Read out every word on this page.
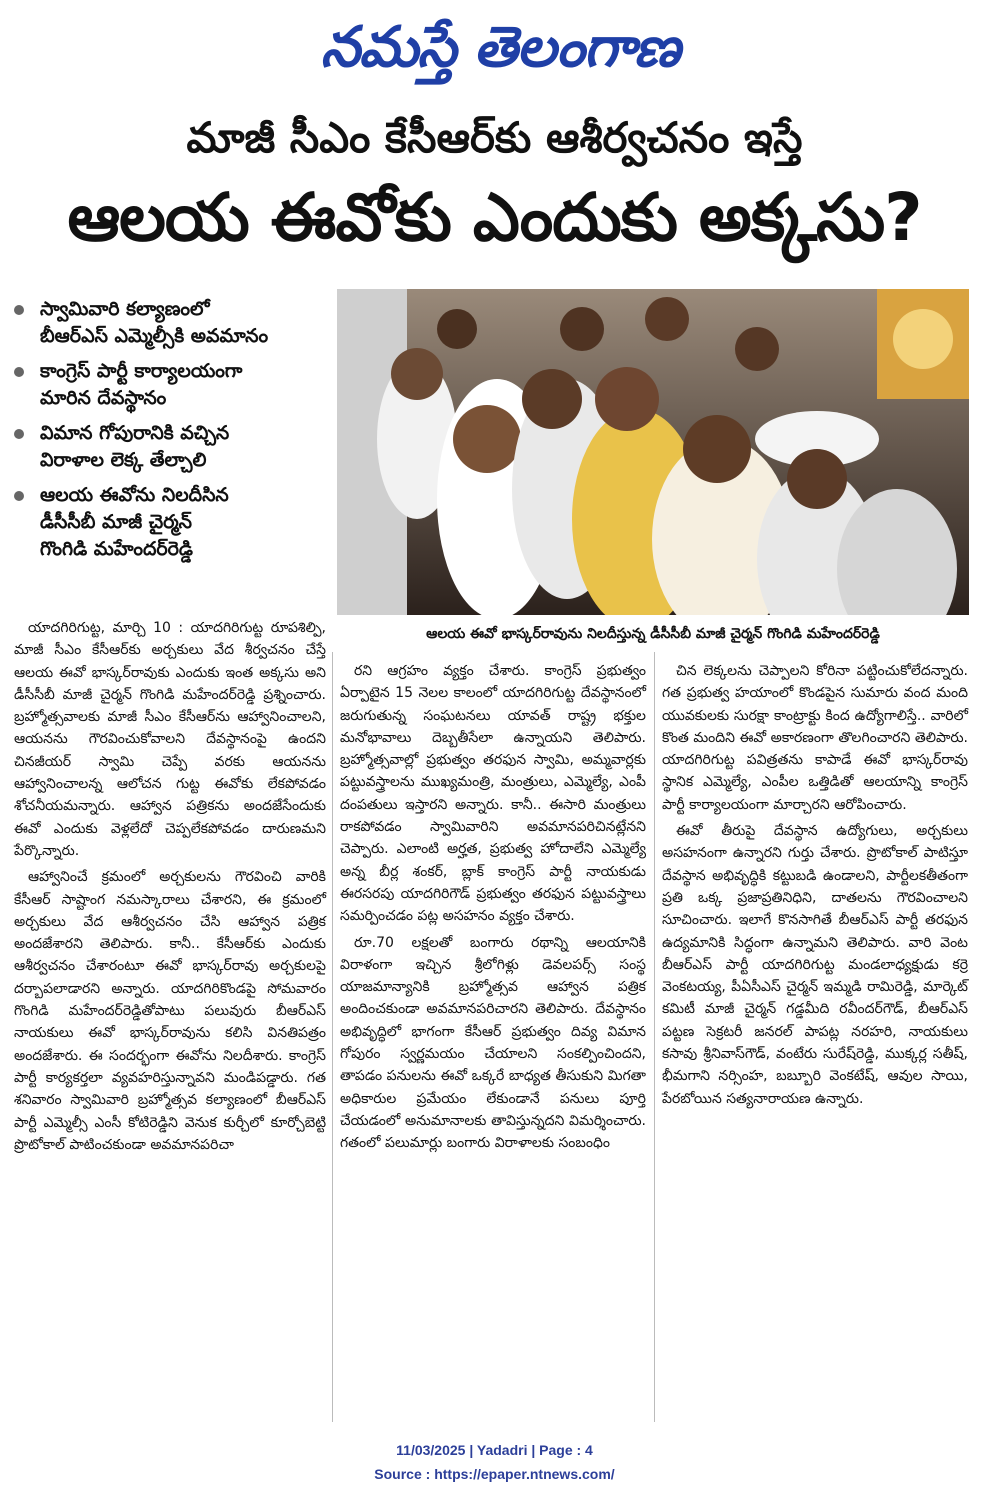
నమస్తే తెలంగాణ
మాజీ సీఎం కేసీఆర్‌కు ఆశీర్వచనం ఇస్తే
ఆలయ ఈవోకు ఎందుకు అక్కసు?
స్వామివారి కల్యాణంలో
బీఆర్‌ఎస్‌ ఎమ్మెల్సీకి అవమానం
కాంగ్రెస్‌ పార్టీ కార్యాలయంగా
మారిన దేవస్థానం
విమాన గోపురానికి వచ్చిన
విరాళాల లెక్క తేల్చాలి
ఆలయ ఈవోను నిలదీసిన
డీసీసీబీ మాజీ చైర్మన్‌
గొంగిడి మహేందర్‌రెడ్డి
ఆలయ ఈవో భాస్కర్‌రావును నిలదీస్తున్న డీసీసీబీ మాజీ చైర్మన్‌ గొంగిడి మహేందర్‌రెడ్డి

యాదగిరిగుట్ట, మార్చి 10 : యాదగిరిగుట్ట రూపశిల్పి, మాజీ సీఎం కేసీఆర్‌కు అర్చకులు వేద శీర్వచనం చేస్తే ఆలయ ఈవో భాస్కర్‌రావుకు ఎందుకు ఇంత అక్కసు అని డీసీసీబీ మాజీ చైర్మన్‌ గొంగిడి మహేందర్‌రెడ్డి ప్రశ్నించారు. బ్రహ్మోత్సవాలకు మాజీ సీఎం కేసీఆర్‌ను ఆహ్వానించాలని, ఆయనను గౌరవించుకోవాలని దేవస్థానంపై ఉందని చినజీయర్‌ స్వామి చెప్పే వరకు ఆయనను ఆహ్వానించాలన్న ఆలోచన గుట్ట ఈవోకు లేకపోవడం శోచనీయమన్నారు. ఆహ్వాన పత్రికను అందజేసేందుకు ఈవో ఎందుకు వెళ్లలేదో చెప్పలేకపోవడం దారుణమని పేర్కొన్నారు.

ఆహ్వానించే క్రమంలో అర్చకులను గౌరవించి వారికి కేసీఆర్‌ సాష్టాంగ నమస్కారాలు చేశారని, ఈ క్రమంలో అర్చకులు వేద ఆశీర్వచనం చేసి ఆహ్వాన పత్రిక అందజేశారని తెలిపారు. కానీ.. కేసీఆర్‌కు ఎందుకు ఆశీర్వచనం చేశారంటూ ఈవో భాస్కర్‌రావు అర్చకులపై దర్బాపలాడారని అన్నారు. యాదగిరికొండపై సోమవారం గొంగిడి మహేందర్‌రెడ్డితోపాటు పలువురు బీఆర్‌ఎస్‌ నాయకులు ఈవో భాస్కర్‌రావును కలిసి వినతిపత్రం అందజేశారు. ఈ సందర్భంగా ఈవోను నిలదీశారు. కాంగ్రెస్‌ పార్టీ కార్యకర్తలా వ్యవహరిస్తున్నావని మండిపడ్డారు. గత శనివారం స్వామివారి బ్రహ్మోత్సవ కల్యాణంలో బీఆర్‌ఎస్‌ పార్టీ ఎమ్మెల్సీ ఎంసీ కోటిరెడ్డిని వెనుక కుర్చీలో కూర్చోబెట్టి ప్రొటోకాల్‌ పాటించకుండా అవమానపరిచా

రని ఆగ్రహం వ్యక్తం చేశారు. కాంగ్రెస్‌ ప్రభుత్వం ఏర్పాటైన 15 నెలల కాలంలో యాదగిరిగుట్ట దేవస్థానంలో జరుగుతున్న సంఘటనలు యావత్‌ రాష్ట్ర భక్తుల మనోభావాలు దెబ్బతీసేలా ఉన్నాయని తెలిపారు. బ్రహ్మోత్సవాల్లో ప్రభుత్వం తరఫున స్వామి, అమ్మవార్లకు పట్టువస్త్రాలను ముఖ్యమంత్రి, మంత్రులు, ఎమ్మెల్యే, ఎంపీ దంపతులు ఇస్తారని అన్నారు. కానీ.. ఈసారి మంత్రులు రాకపోవడం స్వామివారిని అవమానపరిచినట్లేనని చెప్పారు. ఎలాంటి అర్హత, ప్రభుత్వ హోదాలేని ఎమ్మెల్యే అన్న బీర్ల శంకర్‌, బ్లాక్‌ కాంగ్రెస్‌ పార్టీ నాయకుడు ఈరసరపు యాదగిరిగౌడ్‌ ప్రభుత్వం తరఫున పట్టువస్త్రాలు సమర్పించడం పట్ల అసహనం వ్యక్తం చేశారు.

రూ.70 లక్షలతో బంగారు రథాన్ని ఆలయానికి విరాళంగా ఇచ్చిన శ్రీలోగిళ్లు డెవలపర్స్‌ సంస్థ యాజమాన్యానికి బ్రహ్మోత్సవ ఆహ్వాన పత్రిక అందించకుండా అవమానపరిచారని తెలిపారు. దేవస్థానం అభివృద్ధిలో భాగంగా కేసీఆర్‌ ప్రభుత్వం దివ్య విమాన గోపురం స్వర్ణమయం చేయాలని సంకల్పించిందని, తాపడం పనులను ఈవో ఒక్కరే బాధ్యత తీసుకుని మిగతా అధికారుల ప్రమేయం లేకుండానే పనులు పూర్తి చేయడంలో అనుమానాలకు తావిస్తున్నదని విమర్శించారు. గతంలో పలుమార్లు బంగారు విరాళాలకు సంబంధిం

చిన లెక్కలను చెప్పాలని కోరినా పట్టించుకోలేదన్నారు. గత ప్రభుత్వ హయాంలో కొండపైన సుమారు వంద మంది యువకులకు సురక్షా కాంట్రాక్టు కింద ఉద్యోగాలిస్తే.. వారిలో కొంత మందిని ఈవో అకారణంగా తొలగించారని తెలిపారు. యాదగిరిగుట్ట పవిత్రతను కాపాడే ఈవో భాస్కర్‌రావు స్థానిక ఎమ్మెల్యే, ఎంపీల ఒత్తిడితో ఆలయాన్ని కాంగ్రెస్‌ పార్టీ కార్యాలయంగా మార్చారని ఆరోపించారు.

ఈవో తీరుపై దేవస్థాన ఉద్యోగులు, అర్చకులు అసహనంగా ఉన్నారని గుర్తు చేశారు. ప్రొటోకాల్‌ పాటిస్తూ దేవస్థాన అభివృద్ధికి కట్టుబడి ఉండాలని, పార్టీలకతీతంగా ప్రతి ఒక్క ప్రజాప్రతినిధిని, దాతలను గౌరవించాలని సూచించారు. ఇలాగే కొనసాగితే బీఆర్‌ఎస్‌ పార్టీ తరఫున ఉద్యమానికి సిద్ధంగా ఉన్నామని తెలిపారు. వారి వెంట బీఆర్‌ఎస్‌ పార్టీ యాదగిరిగుట్ట మండలాధ్యక్షుడు కర్రె వెంకటయ్య, పీఏసీఎస్‌ చైర్మన్‌ ఇమ్మడి రామిరెడ్డి, మార్కెట్‌ కమిటీ మాజీ చైర్మన్‌ గడ్డమీది రవీందర్‌గౌడ్‌, బీఆర్‌ఎస్‌ పట్టణ సెక్రటరీ జనరల్‌ పాపట్ల నరహరి, నాయకులు కసావు శ్రీనివాస్‌గౌడ్‌, వంటేరు సురేష్‌రెడ్డి, ముక్కర్ల సతీష్‌, భీమగాని నర్సింహ, బబ్బూరి వెంకటేష్‌, ఆవుల సాయి, పేరబోయిన సత్యనారాయణ ఉన్నారు.

11/03/2025 | Yadadri | Page : 4
Source : https://epaper.ntnews.com/
